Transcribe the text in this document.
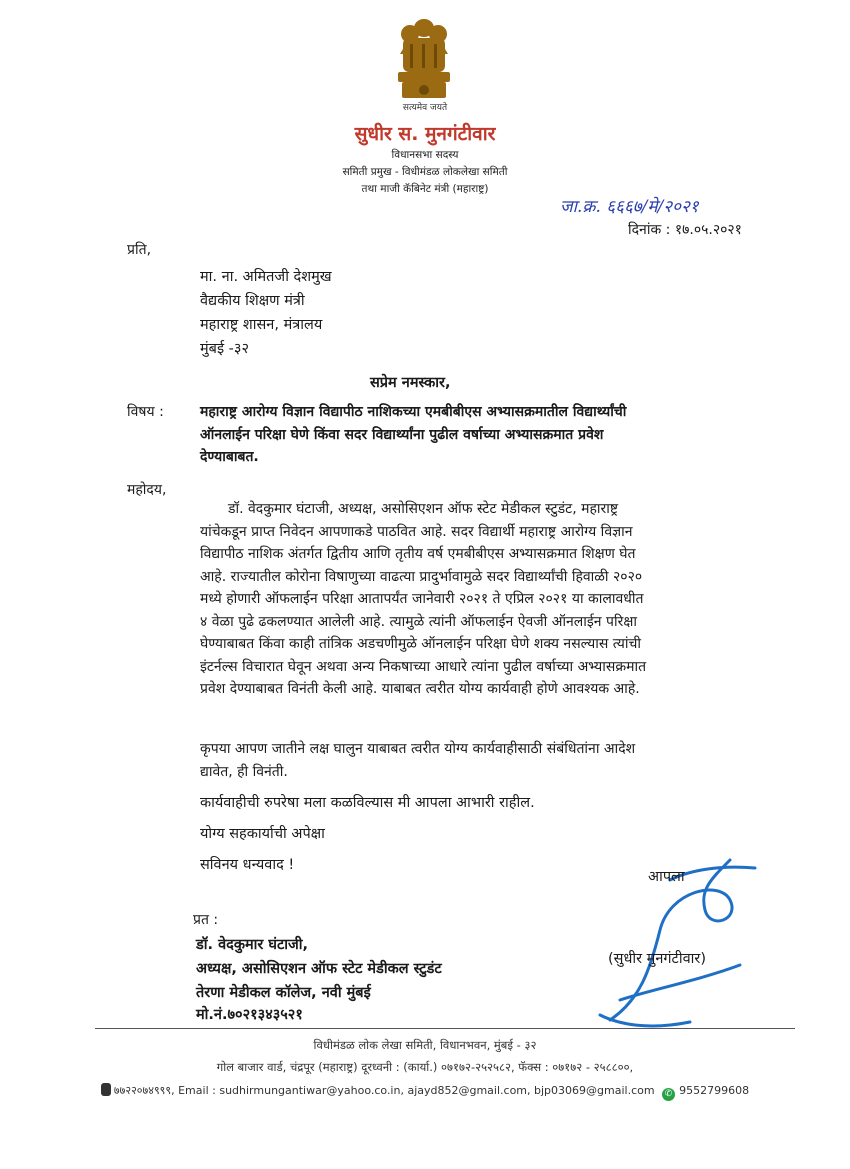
सत्यमेव जयते
सुधीर स. मुनगंटीवार
विधानसभा सदस्य
समिती प्रमुख - विधीमंडळ लोकलेखा समिती
तथा माजी कॅबिनेट मंत्री (महाराष्ट्र)
जा.क्र. ६६६७/मे/२०२१
दिनांक : १७.०५.२०२१
प्रति,
मा. ना. अमितजी देशमुख
वैद्यकीय शिक्षण मंत्री
महाराष्ट्र शासन, मंत्रालय
मुंबई -३२
सप्रेम नमस्कार,
विषय :	महाराष्ट्र आरोग्य विज्ञान विद्यापीठ नाशिकच्या एमबीबीएस अभ्यासक्रमातील विद्यार्थ्यांची
ऑनलाईन परिक्षा घेणे किंवा सदर विद्यार्थ्यांना पुढील वर्षाच्या अभ्यासक्रमात प्रवेश
देण्याबाबत.
महोदय,
डॉ. वेदकुमार घंटाजी, अध्यक्ष, असोसिएशन ऑफ स्टेट मेडीकल स्टुडंट, महाराष्ट्र
यांचेकडून प्राप्त निवेदन आपणाकडे पाठवित आहे. सदर विद्यार्थी महाराष्ट्र आरोग्य विज्ञान
विद्यापीठ नाशिक अंतर्गत द्वितीय आणि तृतीय वर्ष एमबीबीएस अभ्यासक्रमात शिक्षण घेत
आहे. राज्यातील कोरोना विषाणुच्या वाढत्या प्रादुर्भावामुळे सदर विद्यार्थ्यांची हिवाळी २०२०
मध्ये होणारी ऑफलाईन परिक्षा आतापर्यंत जानेवारी २०२१ ते एप्रिल २०२१ या कालावधीत
४ वेळा पुढे ढकलण्यात आलेली आहे. त्यामुळे त्यांनी ऑफलाईन ऐवजी ऑनलाईन परिक्षा
घेण्याबाबत किंवा काही तांत्रिक अडचणीमुळे ऑनलाईन परिक्षा घेणे शक्य नसल्यास त्यांची
इंटर्नल्स विचारात घेवून अथवा अन्य निकषाच्या आधारे त्यांना पुढील वर्षाच्या अभ्यासक्रमात
प्रवेश देण्याबाबत विनंती केली आहे. याबाबत त्वरीत योग्य कार्यवाही होणे आवश्यक आहे.
कृपया आपण जातीने लक्ष घालुन याबाबत त्वरीत योग्य कार्यवाहीसाठी संबंधितांना आदेश
द्यावेत, ही विनंती.
कार्यवाहीची रुपरेषा मला कळविल्यास मी आपला आभारी राहील.
योग्य सहकार्याची अपेक्षा
सविनय धन्यवाद !
आपला
(सुधीर मुनगंटीवार)
प्रत :
डॉ. वेदकुमार घंटाजी,
अध्यक्ष, असोसिएशन ऑफ स्टेट मेडीकल स्टुडंट
तेरणा मेडीकल कॉलेज, नवी मुंबई
मो.नं.७०२१३४३५२१
विधीमंडळ लोक लेखा समिती, विधानभवन, मुंबई - ३२
गोल बाजार वार्ड, चंद्रपूर (महाराष्ट्र) दूरध्वनी : (कार्या.) ०७१७२-२५२५८२, फॅक्स : ०७१७२ - २५८८००,
७७२२०७४९९९, Email : sudhirmungantiwar@yahoo.co.in, ajayd852@gmail.com, bjp03069@gmail.com ✆ 9552799608
